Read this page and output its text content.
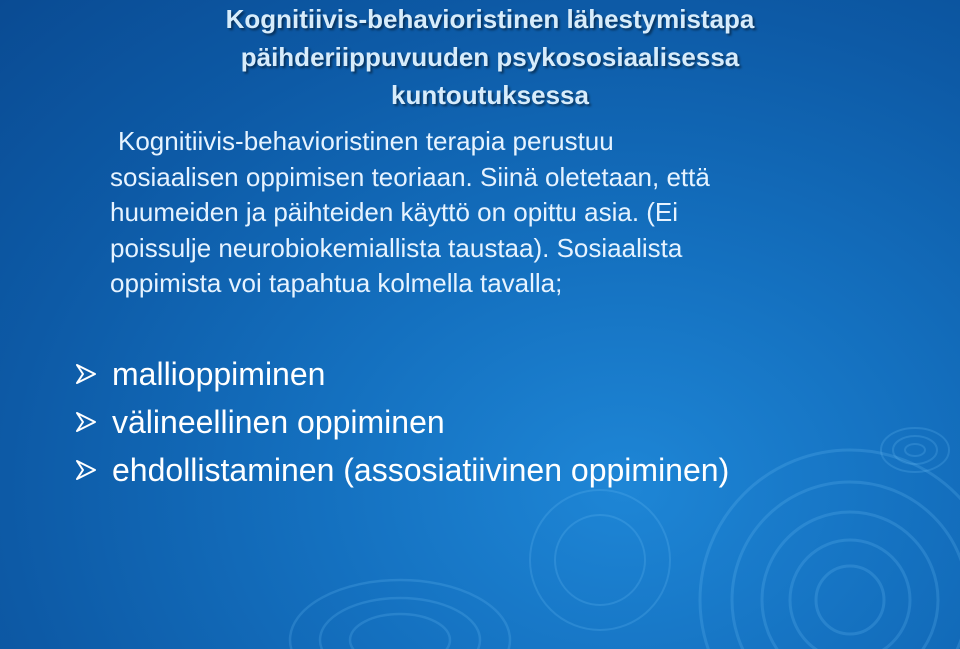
Kognitiivis-behavioristinen lähestymistapa
päihderiippuvuuden psykososiaalisessa
kuntoutuksessa
Kognitiivis-behavioristinen terapia perustuu
sosiaalisen oppimisen teoriaan. Siinä oletetaan, että
huumeiden ja päihteiden käyttö on opittu asia. (Ei
poissulje neurobiokemiallista taustaa). Sosiaalista
oppimista voi tapahtua kolmella tavalla;
mallioppiminen
välineellinen oppiminen
ehdollistaminen (assosiatiivinen oppiminen)
